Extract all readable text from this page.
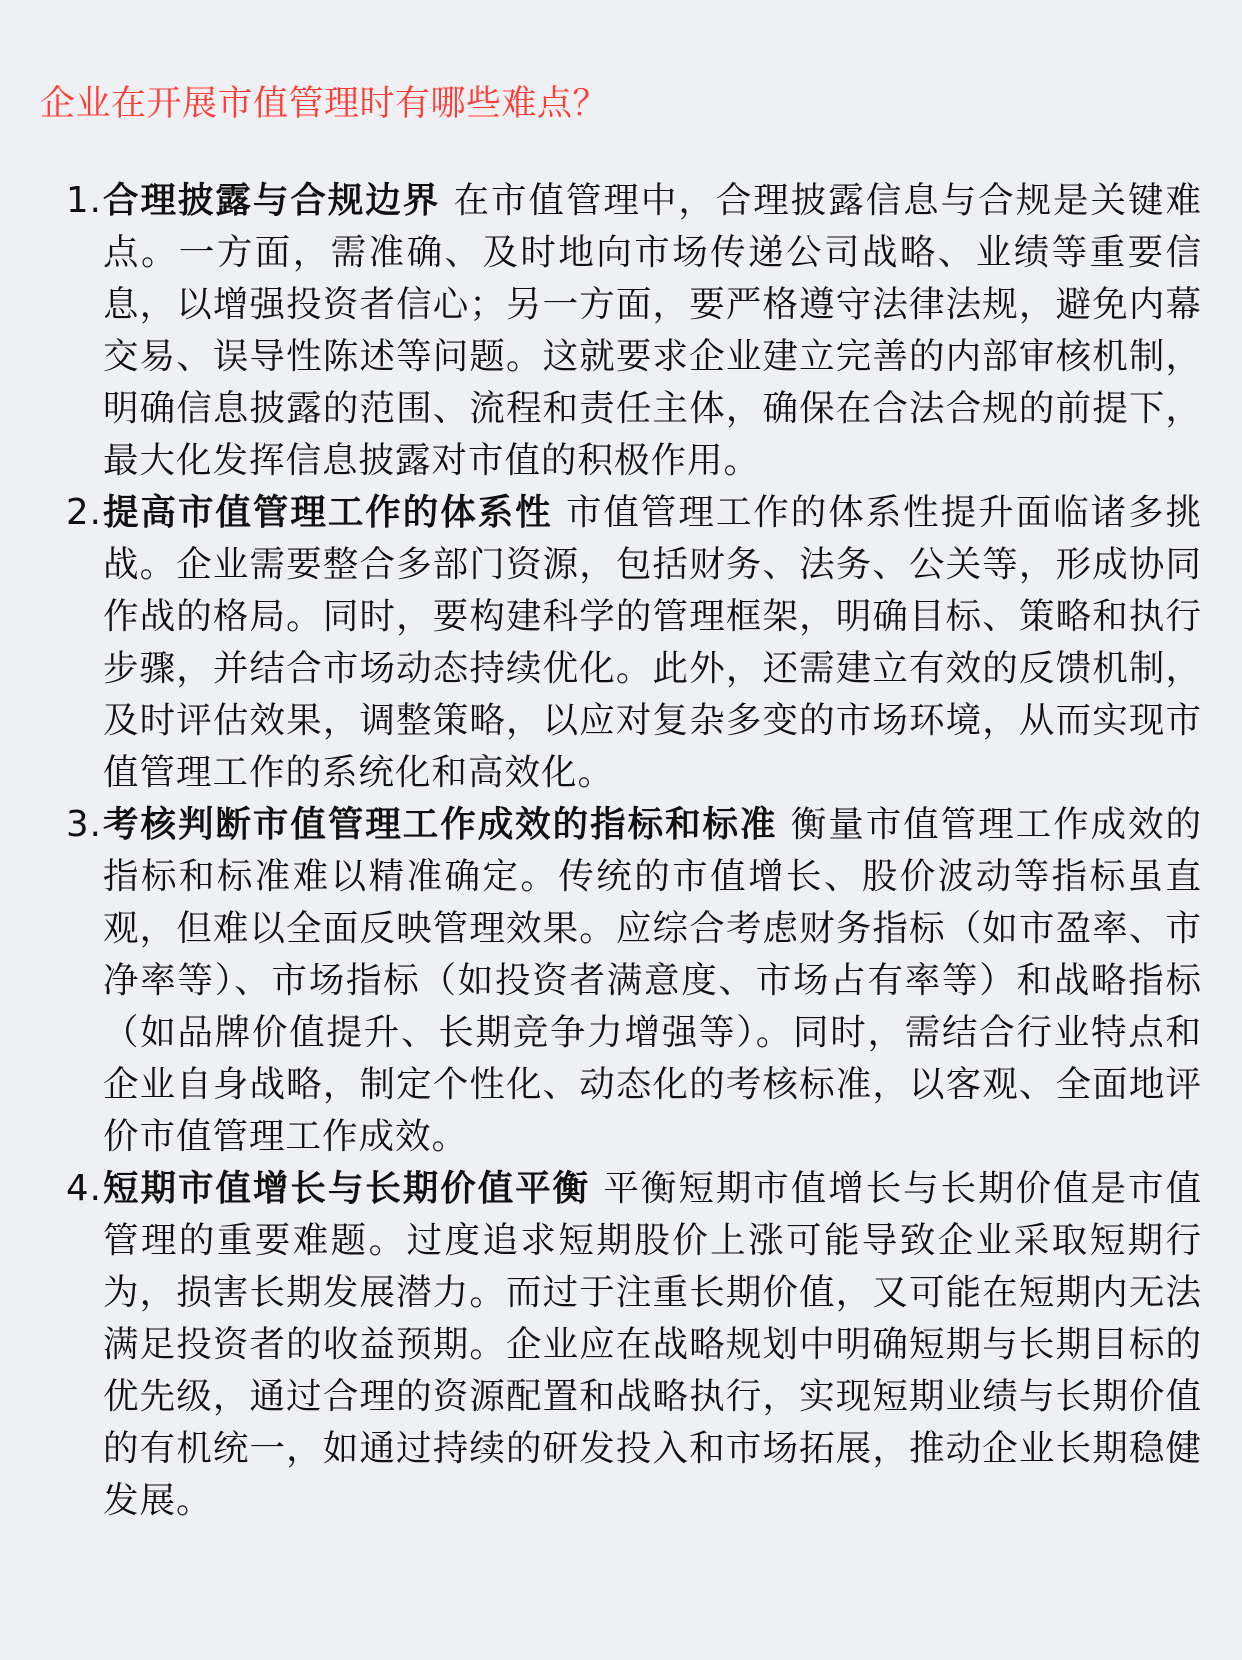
企业在开展市值管理时有哪些难点？
1. 合理披露与合规边界 在市值管理中，合理披露信息与合规是关键难点。一方面，需准确、及时地向市场传递公司战略、业绩等重要信息，以增强投资者信心；另一方面，要严格遵守法律法规，避免内幕交易、误导性陈述等问题。这就要求企业建立完善的内部审核机制，明确信息披露的范围、流程和责任主体，确保在合法合规的前提下，最大化发挥信息披露对市值的积极作用。
2. 提高市值管理工作的体系性 市值管理工作的体系性提升面临诸多挑战。企业需要整合多部门资源，包括财务、法务、公关等，形成协同作战的格局。同时，要构建科学的管理框架，明确目标、策略和执行步骤，并结合市场动态持续优化。此外，还需建立有效的反馈机制，及时评估效果，调整策略，以应对复杂多变的市场环境，从而实现市值管理工作的系统化和高效化。
3. 考核判断市值管理工作成效的指标和标准 衡量市值管理工作成效的指标和标准难以精准确定。传统的市值增长、股价波动等指标虽直观，但难以全面反映管理效果。应综合考虑财务指标（如市盈率、市净率等）、市场指标（如投资者满意度、市场占有率等）和战略指标（如品牌价值提升、长期竞争力增强等）。同时，需结合行业特点和企业自身战略，制定个性化、动态化的考核标准，以客观、全面地评价市值管理工作成效。
4. 短期市值增长与长期价值平衡 平衡短期市值增长与长期价值是市值管理的重要难题。过度追求短期股价上涨可能导致企业采取短期行为，损害长期发展潜力。而过于注重长期价值，又可能在短期内无法满足投资者的收益预期。企业应在战略规划中明确短期与长期目标的优先级，通过合理的资源配置和战略执行，实现短期业绩与长期价值的有机统一，如通过持续的研发投入和市场拓展，推动企业长期稳健发展。
